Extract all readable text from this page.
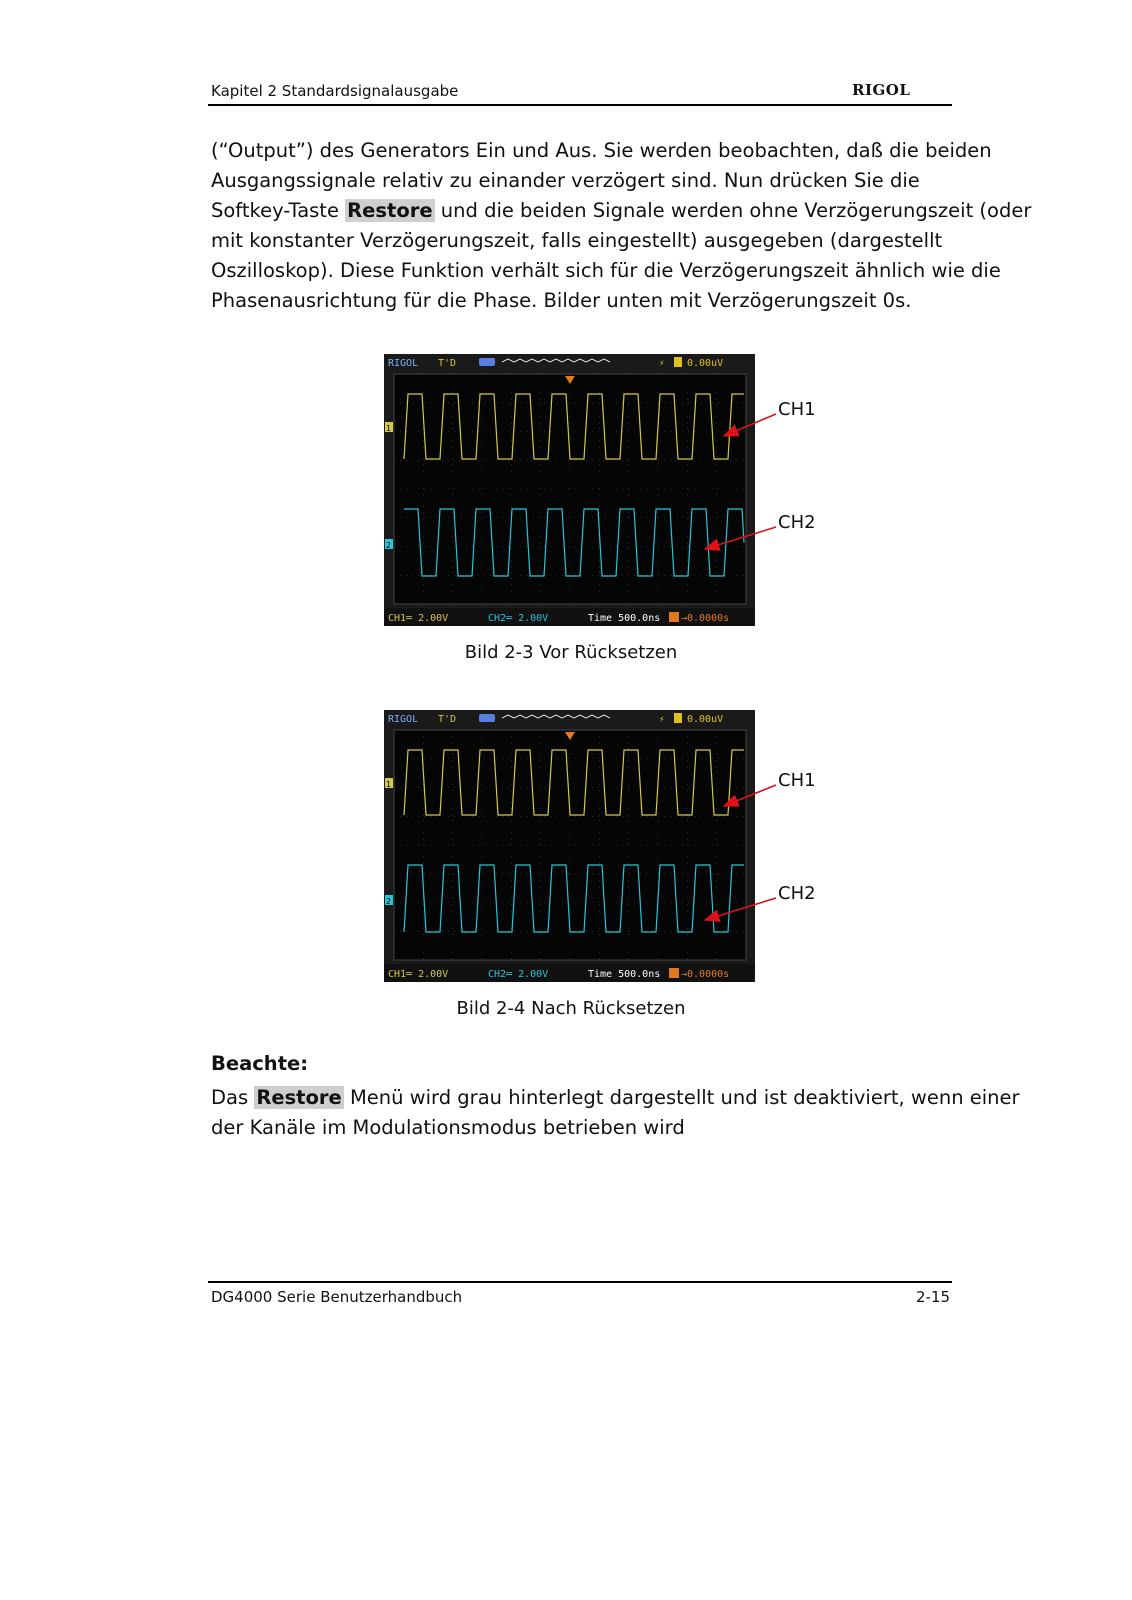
Kapitel 2 Standardsignalausgabe	RIGOL

(“Output”) des Generators Ein und Aus. Sie werden beobachten, daß die beiden

Ausgangssignale relativ zu einander verzögert sind. Nun drücken Sie die

Softkey-Taste Restore und die beiden Signale werden ohne Verzögerungszeit (oder

mit konstanter Verzögerungszeit, falls eingestellt) ausgegeben (dargestellt

Oszilloskop). Diese Funktion verhält sich für die Verzögerungszeit ähnlich wie die

Phasenausrichtung für die Phase. Bilder unten mit Verzögerungszeit 0s.

RIGOL T'D	⚡ 0.00uV
1
2
CH1═ 2.00V	CH2═ 2.00V	Time 500.0ns →0.0000s
CH1
CH2
Bild 2-3 Vor Rücksetzen
RIGOL T'D	⚡ 0.00uV
1
2
CH1═ 2.00V	CH2═ 2.00V	Time 500.0ns →0.0000s
CH1
CH2
Bild 2-4 Nach Rücksetzen
Beachte:

Das Restore Menü wird grau hinterlegt dargestellt und ist deaktiviert, wenn einer

der Kanäle im Modulationsmodus betrieben wird

DG4000 Serie Benutzerhandbuch	2-15
